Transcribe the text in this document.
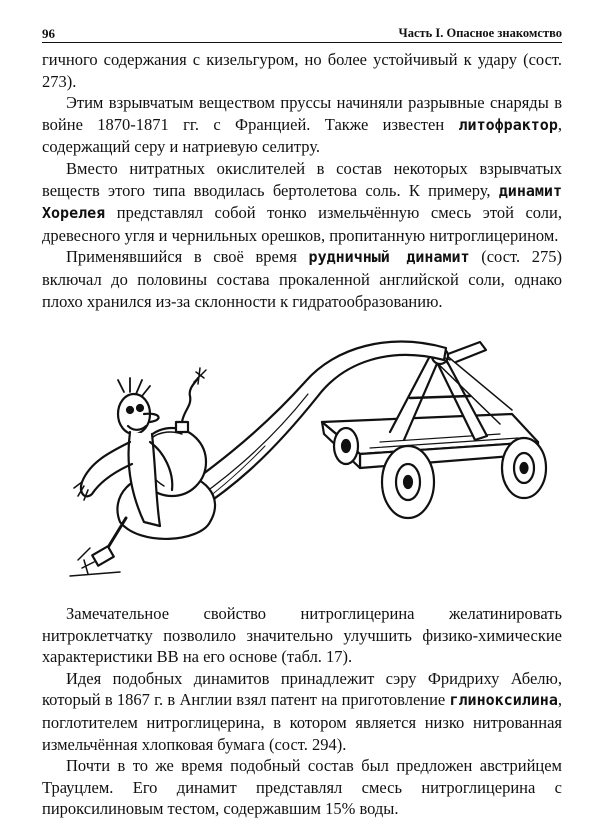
96	Часть I. Опасное знакомство

гичного содержания с кизельгуром, но более устойчивый к удару (сост. 273).

Этим взрывчатым веществом пруссы начиняли разрывные снаряды в войне 1870-1871 гг. с Францией. Также известен литофрактор, содержащий серу и натриевую селитру.

Вместо нитратных окислителей в состав некоторых взрывчатых веществ этого типа вводилась бертолетова соль. К примеру, динамит Хорелея представлял собой тонко измельчённую смесь этой соли, древесного угля и чернильных орешков, пропитанную нитроглицерином.

Применявшийся в своё время рудничный динамит (сост. 275) включал до половины состава прокаленной английской соли, однако плохо хранился из-за склонности к гидратообразованию.

Замечательное свойство нитроглицерина желатинировать нитроклетчатку позволило значительно улучшить физико-химические характеристики ВВ на его основе (табл. 17).

Идея подобных динамитов принадлежит сэру Фридриху Абелю, который в 1867 г. в Англии взял патент на приготовление глиноксилина, поглотителем нитроглицерина, в котором является низко нитрованная измельчённая хлопковая бумага (сост. 294).

Почти в то же время подобный состав был предложен австрийцем Трауцлем. Его динамит представлял смесь нитроглицерина с пироксилиновым тестом, содержавшим 15% воды.
